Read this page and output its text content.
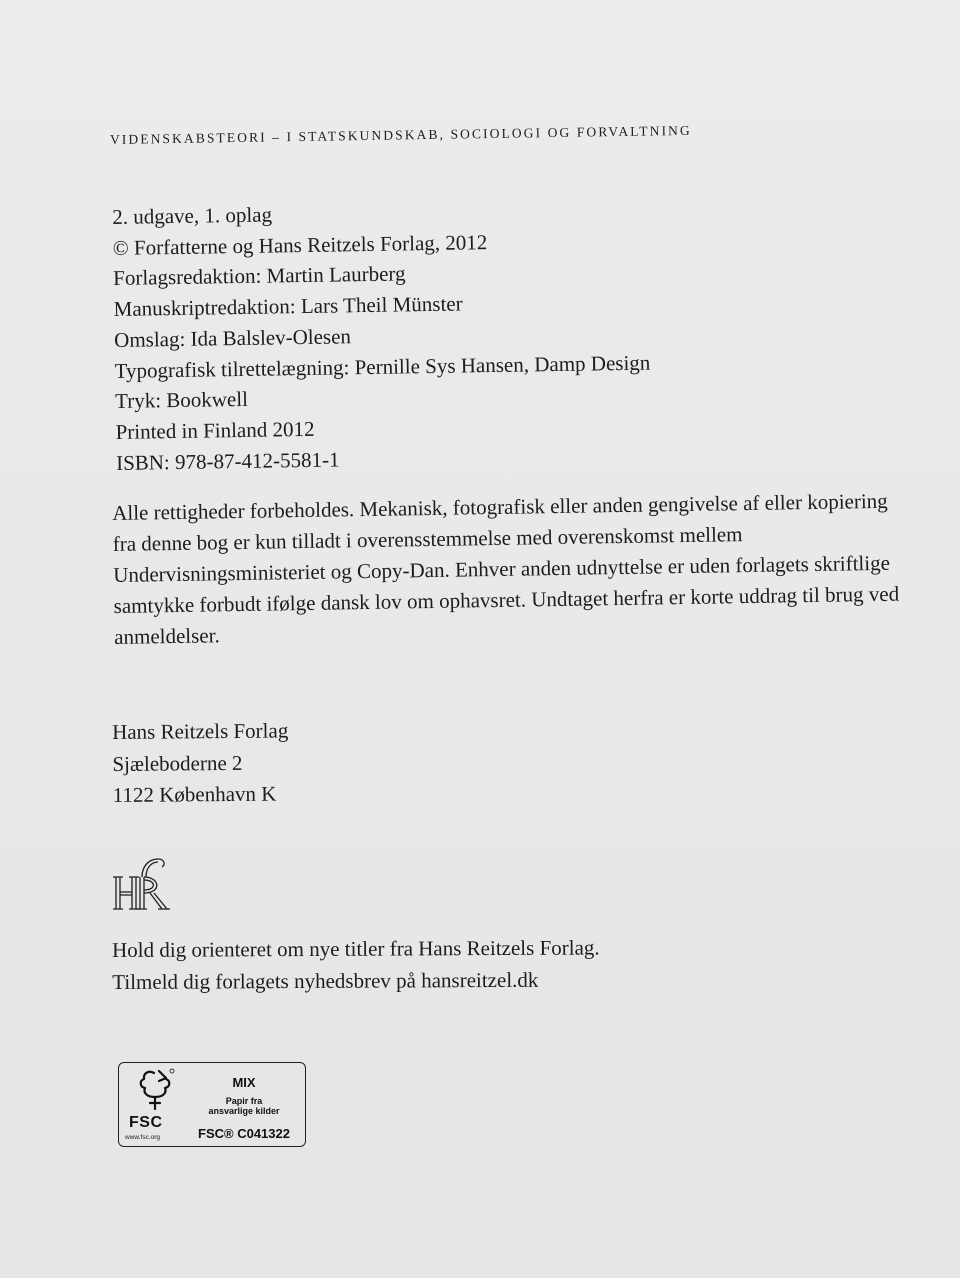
VIDENSKABSTEORI – I STATSKUNDSKAB, SOCIOLOGI OG FORVALTNING
2. udgave, 1. oplag
© Forfatterne og Hans Reitzels Forlag, 2012
Forlagsredaktion: Martin Laurberg
Manuskriptredaktion: Lars Theil Münster
Omslag: Ida Balslev-Olesen
Typografisk tilrettelægning: Pernille Sys Hansen, Damp Design
Tryk: Bookwell
Printed in Finland 2012
ISBN: 978-87-412-5581-1

Alle rettigheder forbeholdes. Mekanisk, fotografisk eller anden gengivelse af eller kopiering fra denne bog er kun tilladt i overensstemmelse med overenskomst mellem Undervisningsministeriet og Copy-Dan. Enhver anden udnyttelse er uden forlagets skriftlige samtykke forbudt ifølge dansk lov om ophavsret. Undtaget herfra er korte uddrag til brug ved anmeldelser.

Hans Reitzels Forlag
Sjæleboderne 2
1122 København K
HR
Hold dig orienteret om nye titler fra Hans Reitzels Forlag.
Tilmeld dig forlagets nyhedsbrev på hansreitzel.dk
FSC
www.fsc.org
MIX
Papir fra
ansvarlige kilder
FSC® C041322
